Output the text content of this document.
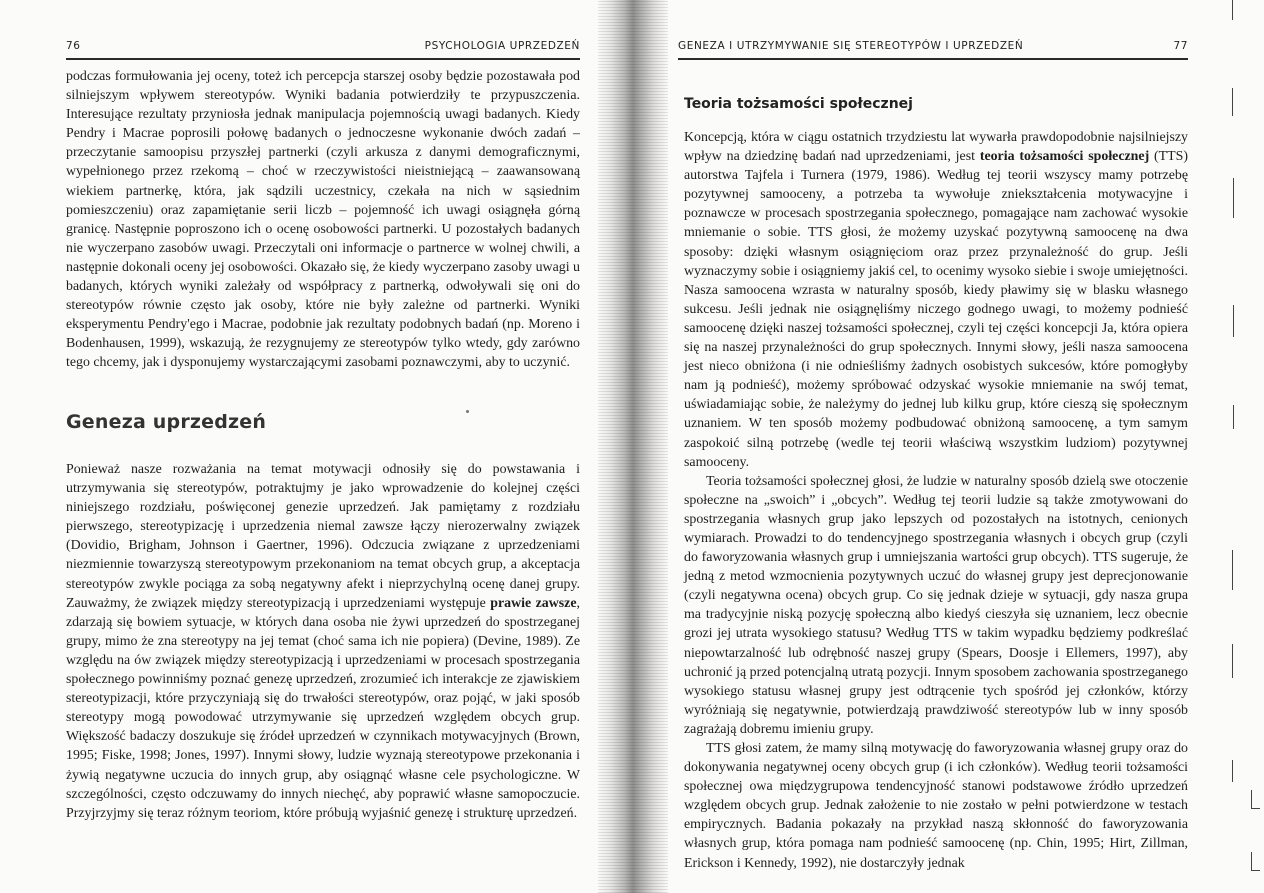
76	PSYCHOLOGIA UPRZEDZEŃ

podczas formułowania jej oceny, toteż ich percepcja starszej osoby będzie pozostawała pod silniejszym wpływem stereotypów. Wyniki badania potwierdziły te przypuszczenia. Interesujące rezultaty przyniosła jednak manipulacja pojemnością uwagi badanych. Kiedy Pendry i Macrae poprosili połowę badanych o jednoczesne wykonanie dwóch zadań – przeczytanie samoopisu przyszłej partnerki (czyli arkusza z danymi demograficznymi, wypełnionego przez rzekomą – choć w rzeczywistości nieistniejącą – zaawansowaną wiekiem partnerkę, która, jak sądzili uczestnicy, czekała na nich w sąsiednim pomieszczeniu) oraz zapamiętanie serii liczb – pojemność ich uwagi osiągnęła górną granicę. Następnie poproszono ich o ocenę osobowości partnerki. U pozostałych badanych nie wyczerpano zasobów uwagi. Przeczytali oni informacje o partnerce w wolnej chwili, a następnie dokonali oceny jej osobowości. Okazało się, że kiedy wyczerpano zasoby uwagi u badanych, których wyniki zależały od współpracy z partnerką, odwoływali się oni do stereotypów równie często jak osoby, które nie były zależne od partnerki. Wyniki eksperymentu Pendry'ego i Macrae, podobnie jak rezultaty podobnych badań (np. Moreno i Bodenhausen, 1999), wskazują, że rezygnujemy ze stereotypów tylko wtedy, gdy zarówno tego chcemy, jak i dysponujemy wystarczającymi zasobami poznawczymi, aby to uczynić.

Geneza uprzedzeń

Ponieważ nasze rozważania na temat motywacji odnosiły się do powstawania i utrzymywania się stereotypów, potraktujmy je jako wprowadzenie do kolejnej części niniejszego rozdziału, poświęconej genezie uprzedzeń. Jak pamiętamy z rozdziału pierwszego, stereotypizację i uprzedzenia niemal zawsze łączy nierozerwalny związek (Dovidio, Brigham, Johnson i Gaertner, 1996). Odczucia związane z uprzedzeniami niezmiennie towarzyszą stereotypowym przekonaniom na temat obcych grup, a akceptacja stereotypów zwykle pociąga za sobą negatywny afekt i nieprzychylną ocenę danej grupy. Zauważmy, że związek między stereotypizacją i uprzedzeniami występuje prawie zawsze, zdarzają się bowiem sytuacje, w których dana osoba nie żywi uprzedzeń do spostrzeganej grupy, mimo że zna stereotypy na jej temat (choć sama ich nie popiera) (Devine, 1989). Ze względu na ów związek między stereotypizacją i uprzedzeniami w procesach spostrzegania społecznego powinniśmy poznać genezę uprzedzeń, zrozumieć ich interakcje ze zjawiskiem stereotypizacji, które przyczyniają się do trwałości stereotypów, oraz pojąć, w jaki sposób stereotypy mogą powodować utrzymywanie się uprzedzeń względem obcych grup. Większość badaczy doszukuje się źródeł uprzedzeń w czynnikach motywacyjnych (Brown, 1995; Fiske, 1998; Jones, 1997). Innymi słowy, ludzie wyznają stereotypowe przekonania i żywią negatywne uczucia do innych grup, aby osiągnąć własne cele psychologiczne. W szczególności, często odczuwamy do innych niechęć, aby poprawić własne samopoczucie. Przyjrzyjmy się teraz różnym teoriom, które próbują wyjaśnić genezę i strukturę uprzedzeń.

GENEZA I UTRZYMYWANIE SIĘ STEREOTYPÓW I UPRZEDZEŃ	77
Teoria tożsamości społecznej

Koncepcją, która w ciągu ostatnich trzydziestu lat wywarła prawdopodobnie najsilniejszy wpływ na dziedzinę badań nad uprzedzeniami, jest teoria tożsamości społecznej (TTS) autorstwa Tajfela i Turnera (1979, 1986). Według tej teorii wszyscy mamy potrzebę pozytywnej samooceny, a potrzeba ta wywołuje zniekształcenia motywacyjne i poznawcze w procesach spostrzegania społecznego, pomagające nam zachować wysokie mniemanie o sobie. TTS głosi, że możemy uzyskać pozytywną samoocenę na dwa sposoby: dzięki własnym osiągnięciom oraz przez przynależność do grup. Jeśli wyznaczymy sobie i osiągniemy jakiś cel, to ocenimy wysoko siebie i swoje umiejętności. Nasza samoocena wzrasta w naturalny sposób, kiedy pławimy się w blasku własnego sukcesu. Jeśli jednak nie osiągnęliśmy niczego godnego uwagi, to możemy podnieść samoocenę dzięki naszej tożsamości społecznej, czyli tej części koncepcji Ja, która opiera się na naszej przynależności do grup społecznych. Innymi słowy, jeśli nasza samoocena jest nieco obniżona (i nie odnieśliśmy żadnych osobistych sukcesów, które pomogłyby nam ją podnieść), możemy spróbować odzyskać wysokie mniemanie na swój temat, uświadamiając sobie, że należymy do jednej lub kilku grup, które cieszą się społecznym uznaniem. W ten sposób możemy podbudować obniżoną samoocenę, a tym samym zaspokoić silną potrzebę (wedle tej teorii właściwą wszystkim ludziom) pozytywnej samooceny.

Teoria tożsamości społecznej głosi, że ludzie w naturalny sposób dzielą swe otoczenie społeczne na „swoich” i „obcych”. Według tej teorii ludzie są także zmotywowani do spostrzegania własnych grup jako lepszych od pozostałych na istotnych, cenionych wymiarach. Prowadzi to do tendencyjnego spostrzegania własnych i obcych grup (czyli do faworyzowania własnych grup i umniejszania wartości grup obcych). TTS sugeruje, że jedną z metod wzmocnienia pozytywnych uczuć do własnej grupy jest deprecjonowanie (czyli negatywna ocena) obcych grup. Co się jednak dzieje w sytuacji, gdy nasza grupa ma tradycyjnie niską pozycję społeczną albo kiedyś cieszyła się uznaniem, lecz obecnie grozi jej utrata wysokiego statusu? Według TTS w takim wypadku będziemy podkreślać niepowtarzalność lub odrębność naszej grupy (Spears, Doosje i Ellemers, 1997), aby uchronić ją przed potencjalną utratą pozycji. Innym sposobem zachowania spostrzeganego wysokiego statusu własnej grupy jest odtrącenie tych spośród jej członków, którzy wyróżniają się negatywnie, potwierdzają prawdziwość stereotypów lub w inny sposób zagrażają dobremu imieniu grupy.

TTS głosi zatem, że mamy silną motywację do faworyzowania własnej grupy oraz do dokonywania negatywnej oceny obcych grup (i ich członków). Według teorii tożsamości społecznej owa międzygrupowa tendencyjność stanowi podstawowe źródło uprzedzeń względem obcych grup. Jednak założenie to nie zostało w pełni potwierdzone w testach empirycznych. Badania pokazały na przykład naszą skłonność do faworyzowania własnych grup, która pomaga nam podnieść samoocenę (np. Chin, 1995; Hirt, Zillman, Erickson i Kennedy, 1992), nie dostarczyły jednak
